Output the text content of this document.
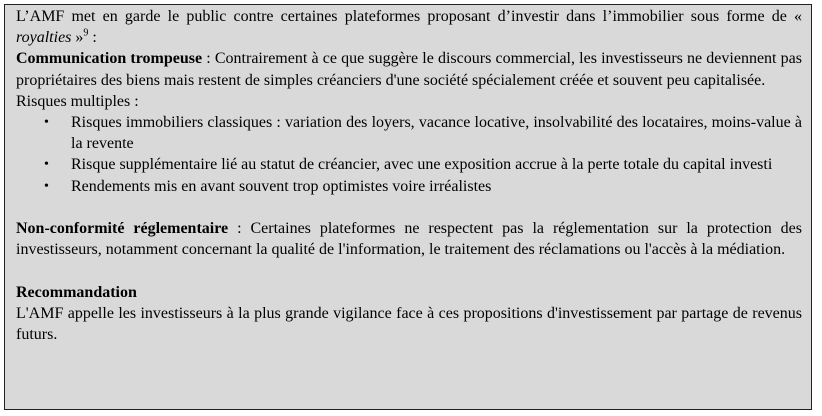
L’AMF met en garde le public contre certaines plateformes proposant d’investir dans l’immobilier sous forme de « royalties »$^9$ :

Communication trompeuse : Contrairement à ce que suggère le discours commercial, les investisseurs ne deviennent pas propriétaires des biens mais restent de simples créanciers d'une société spécialement créée et souvent peu capitalisée.

Risques multiples :

• Risques immobiliers classiques : variation des loyers, vacance locative, insolvabilité des locataires, moins-value à la revente
• Risque supplémentaire lié au statut de créancier, avec une exposition accrue à la perte totale du capital investi
• Rendements mis en avant souvent trop optimistes voire irréalistes

Non-conformité réglementaire : Certaines plateformes ne respectent pas la réglementation sur la protection des investisseurs, notamment concernant la qualité de l'information, le traitement des réclamations ou l'accès à la médiation.

Recommandation

L'AMF appelle les investisseurs à la plus grande vigilance face à ces propositions d'investissement par partage de revenus futurs.
